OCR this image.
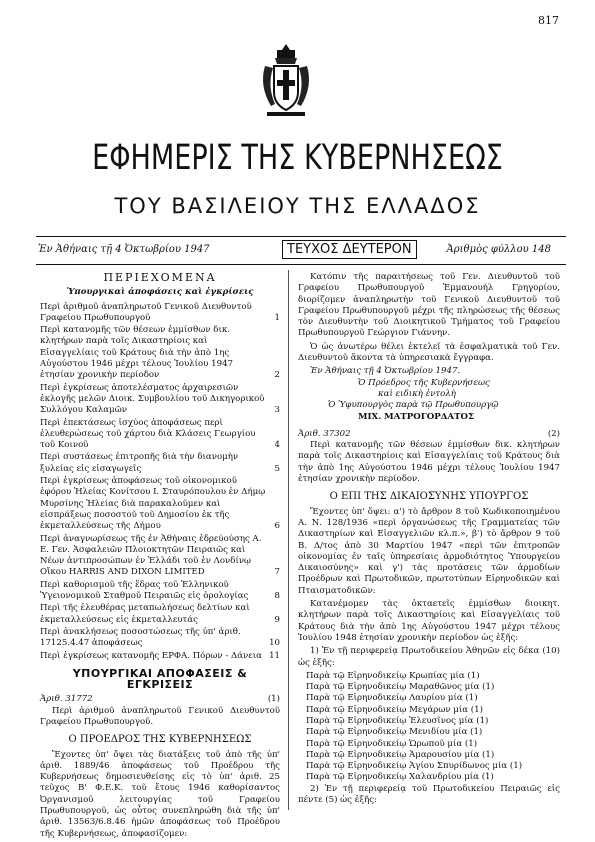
817
ΕΦΗΜΕΡΙΣ ΤΗΣ ΚΥΒΕΡΝΗΣΕΩΣ
ΤΟΥ ΒΑΣΙΛΕΙΟΥ ΤΗΣ ΕΛΛΑΔΟΣ
Ἐν Ἀθήναις τῇ 4 Ὀκτωβρίου 1947	ΤΕΥΧΟΣ ΔΕΥΤΕΡΟΝ	Ἀριθμὸς φύλλου 148
ΠΕΡΙΕΧΟΜΕΝΑ
Ὑπουργικαὶ ἀποφάσεις καὶ ἐγκρίσεις
Περὶ ἀριθμοῦ ἀναπληρωτοῦ Γενικοῦ Διευθυντοῦ Γραφείου Πρωθυπουργοῦ	1
Περὶ κατανομῆς τῶν θέσεων ἐμμίσθων δικ. κλητήρων παρὰ τοῖς Δικαστηρίοις καὶ Εἰσαγγελίαις τοῦ Κράτους διὰ τὴν ἀπὸ 1ης Αὐγούστου 1946 μέχρι τέλους Ἰουλίου 1947 ἐτησίαν χρονικὴν περίοδον	2
Περὶ ἐγκρίσεως ἀποτελέσματος ἀρχαιρεσιῶν ἐκλογῆς μελῶν Διοικ. Συμβουλίου τοῦ Δικηγορικοῦ Συλλόγου Καλαμῶν	3
Περὶ ἐπεκτάσεως ἰσχύος ἀποφάσεως περὶ ἐλευθερώσεως τοῦ χάρτου διὰ Κλάσεις Γεωργίου τοῦ Κοινοῦ	4
Περὶ συστάσεως ἐπιτροπῆς διὰ τὴν διανομὴν ξυλείας εἰς εἰσαγωγεῖς	5
Περὶ ἐγκρίσεως ἀποφάσεως τοῦ οἰκονομικοῦ ἐφόρου Ἠλείας Κονίτσου Ι. Σταυρόπουλου ἐν Δήμῳ Μυρσίνης Ἠλείας διὰ παρακαλοῦμεν καὶ εἰσπράξεως ποσοστοῦ τοῦ Δημοσίου ἐκ τῆς ἐκμεταλλεύσεως τῆς Δήμου	6
Περὶ ἀναγνωρίσεως τῆς ἐν Ἀθήναις ἑδρεύούσης Α. Ε. Γεν. Ἀσφαλειῶν Πλοιοκτητῶν Πειραιῶς καὶ Νέων ἀντιπροσώπων ἐν Ἑλλάδι τοῦ ἐν Λονδίνῳ Οἴκου HARRIS AND DIXON LIMITED	7
Περὶ καθορισμοῦ τῆς ἕδρας τοῦ Ἑλληνικοῦ Ὑγειονομικοῦ Σταθμοῦ Πειραιῶς εἰς ὁρολογίας	8
Περὶ τῆς ἐλευθέρας μεταπωλήσεως δελτίων καὶ ἐκμεταλλεύσεως εἰς ἐκμεταλλευτάς	9
Περὶ ἀνακλήσεως ποσοστώσεως τῆς ὑπ' ἀριθ. 17125.4.47 ἀποφάσεως	10
Περὶ ἐγκρίσεως κατανομῆς ΕΡΦΑ. Πόρων - Δάνεια 11
ΥΠΟΥΡΓΙΚΑΙ ΑΠΟΦΑΣΕΙΣ & ΕΓΚΡΙΣΕΙΣ
Ἀριθ. 31772	(1)
Περὶ ἀριθμοῦ ἀναπληρωτοῦ Γενικοῦ Διευθυντοῦ Γραφείου Πρωθυπουργοῦ.
Ο ΠΡΟΕΔΡΟΣ ΤΗΣ ΚΥΒΕΡΝΗΣΕΩΣ
Ἔχοντες ὑπ' ὄψει τὰς διατάξεις τοῦ ἀπὸ τῆς ὑπ' ἀριθ. 1889/46 ἀποφάσεως τοῦ Προέδρου τῆς Κυβερνήσεως δημοσιευθείσης εἰς τὸ ὑπ' ἀριθ. 25 τεῦχος Β' Φ.Ε.Κ. τοῦ ἔτους 1946 καθορίσαντος Ὀργανισμοῦ λειτουργίας τοῦ Γραφείου Πρωθυπουργοῦ, ὡς οὗτος συνεπληρώθη διὰ τῆς ὑπ' ἀριθ. 13563/6.8.46 ἡμῶν ἀποφάσεως τοῦ Προέδρου τῆς Κυβερνήσεως, ἀποφασίζομεν:
Κατόπιν τῆς παραιτήσεως τοῦ Γεν. Διευθυντοῦ τοῦ Γραφείου Πρωθυπουργοῦ Ἐμμανουὴλ Γρηγορίου, διορίζομεν ἀναπληρωτὴν τοῦ Γενικοῦ Διευθυντοῦ τοῦ Γραφείου Πρωθυπουργοῦ μέχρι τῆς πληρώσεως τῆς θέσεως τὸν Διευθυντὴν τοῦ Διοικητικοῦ Τμήματος τοῦ Γραφείου Πρωθυπουργοῦ Γεώργιον Γιάννην.
Ὁ ὡς ἀνωτέρω θέλει ἐκτελεῖ τὰ ἐσφαλματικὰ τοῦ Γεν. Διευθυντοῦ ἄκοντα τὰ ὑπηρεσιακὰ ἔγγραφα.
Ἐν Ἀθήναις τῇ 4 Ὀκτωβρίου 1947.
Ὁ Πρόεδρος τῆς Κυβερνήσεως
καὶ ειδικὴ ἐντολὴ
Ὁ Ὑφυπουργὸς παρὰ τῷ Πρωθυπουργῷ
ΜΙΧ. ΜΑΤΡΟΓΟΡΔΑΤΟΣ
Ἀριθ. 37302	(2)
Περὶ κατανομῆς τῶν θέσεων ἐμμίσθων δικ. κλητήρων παρὰ τοῖς Δικαστηρίοις καὶ Εἰσαγγελίαις τοῦ Κράτους διὰ τὴν ἀπὸ 1ης Αὐγούστου 1946 μέχρι τέλους Ἰουλίου 1947 ἐτησίαν χρονικὴν περίοδον.
Ο ΕΠΙ ΤΗΣ ΔΙΚΑΙΟΣΥΝΗΣ ΥΠΟΥΡΓΟΣ
Ἔχοντες ὑπ' ὄψει: α') τὸ ἄρθρον 8 τοῦ Κωδικοποιημένου Α. Ν. 128/1936 «περὶ ὀργανώσεως τῆς Γραμματείας τῶν Δικαστηρίων καὶ Εἰσαγγελιῶν κλ.π.», β') τὸ ἄρθρον 9 τοῦ Β. Δ/τος ἀπὸ 30 Μαρτίου 1947 «περὶ τῶν ἐπιτροπῶν οἰκονομίας ἐν ταῖς ὑπηρεσίαις ἁρμοδιότητος Ὑπουργείου Δικαιοσύνης» καὶ γ') τὰς προτάσεις τῶν ἁρμοδίων Προέδρων καὶ Πρωτοδικῶν, πρωτοτύπων Εἰρηνοδικῶν καὶ Πταισματοδικῶν:
Κατανέμομεν τὰς ὀκταετεῖς ἐμμίσθων διοικητ. κλητήρων παρὰ τοῖς Δικαστηρίοις καὶ Εἰσαγγελίαις τοῦ Κράτους διὰ τὴν ἀπὸ 1ης Αὐγούστου 1947 μέχρι τέλους Ἰουλίου 1948 ἐτησίαν χρονικὴν περίοδον ὡς ἑξῆς:
1) Ἐν τῇ περιφερείᾳ Πρωτοδικείου Ἀθηνῶν εἰς δέκα (10) ὡς ἑξῆς:
Παρὰ τῷ Εἰρηνοδικείῳ Κρωπίας μία (1)
Παρὰ τῷ Εἰρηνοδικείῳ Μαραθῶνος μία (1)
Παρὰ τῷ Εἰρηνοδικείῳ Λαυρίου μία (1)
Παρὰ τῷ Εἰρηνοδικείῳ Μεγάρων μία (1)
Παρὰ τῷ Εἰρηνοδικείῳ Ἐλευσῖνος μία (1)
Παρὰ τῷ Εἰρηνοδικείῳ Μενιδίου μία (1)
Παρὰ τῷ Εἰρηνοδικείῳ Ὡρωποῦ μία (1)
Παρὰ τῷ Εἰρηνοδικείῳ Ἀμαρουσίου μία (1)
Παρὰ τῷ Εἰρηνοδικείῳ Ἀγίου Σπυρίδωνος μία (1)
Παρὰ τῷ Εἰρηνοδικείῳ Χαλανδρίου μία (1)
2) Ἐν τῇ περιφερείᾳ τοῦ Πρωτοδικείου Πειραιῶς εἰς πέντε (5) ὡς ἑξῆς:
